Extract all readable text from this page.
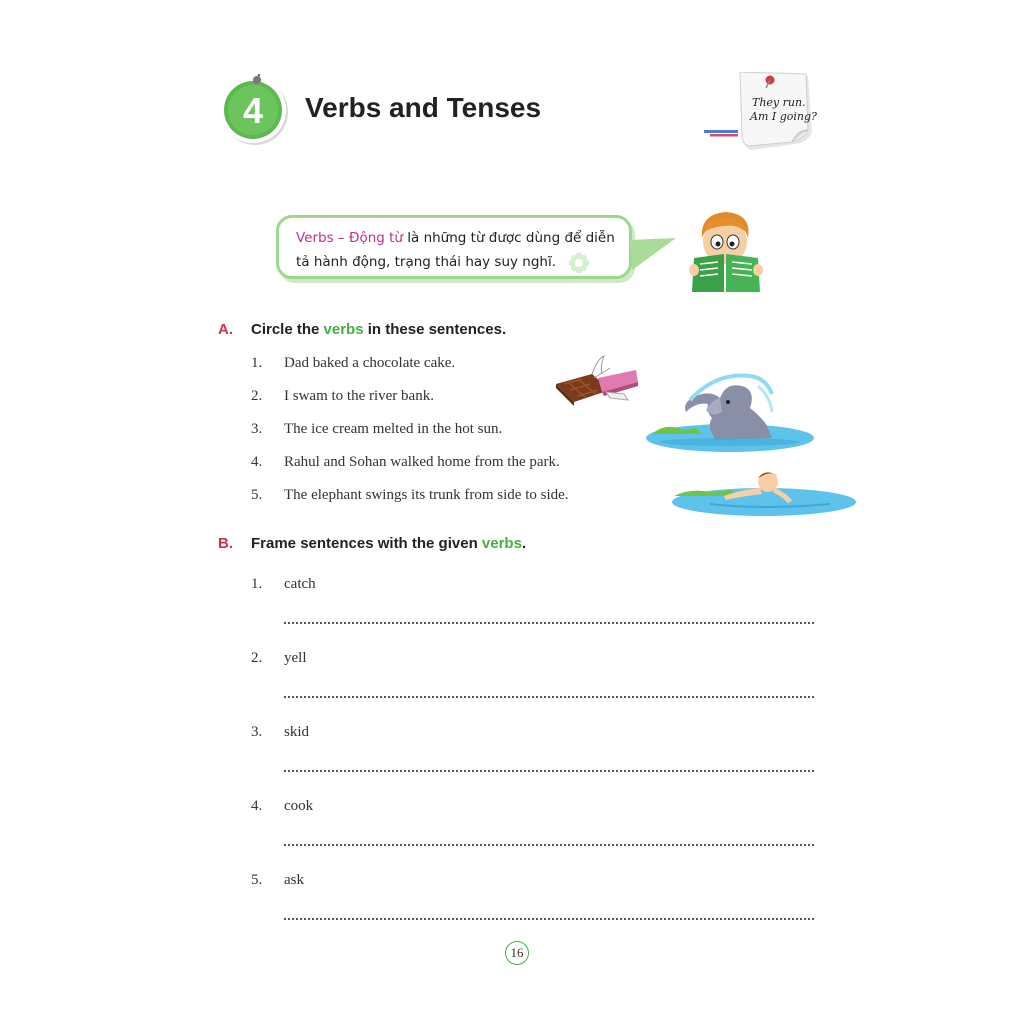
4 Verbs and Tenses	They run.
Am I going?
Verbs – Động từ là những từ được dùng để diễn
tả hành động, trạng thái hay suy nghĩ.
A. Circle the verbs in these sentences.
1. Dad baked a chocolate cake.
2. I swam to the river bank.
3. The ice cream melted in the hot sun.
4. Rahul and Sohan walked home from the park.
5. The elephant swings its trunk from side to side.
B. Frame sentences with the given verbs.
1. catch
2. yell
3. skid
4. cook
5. ask
16
